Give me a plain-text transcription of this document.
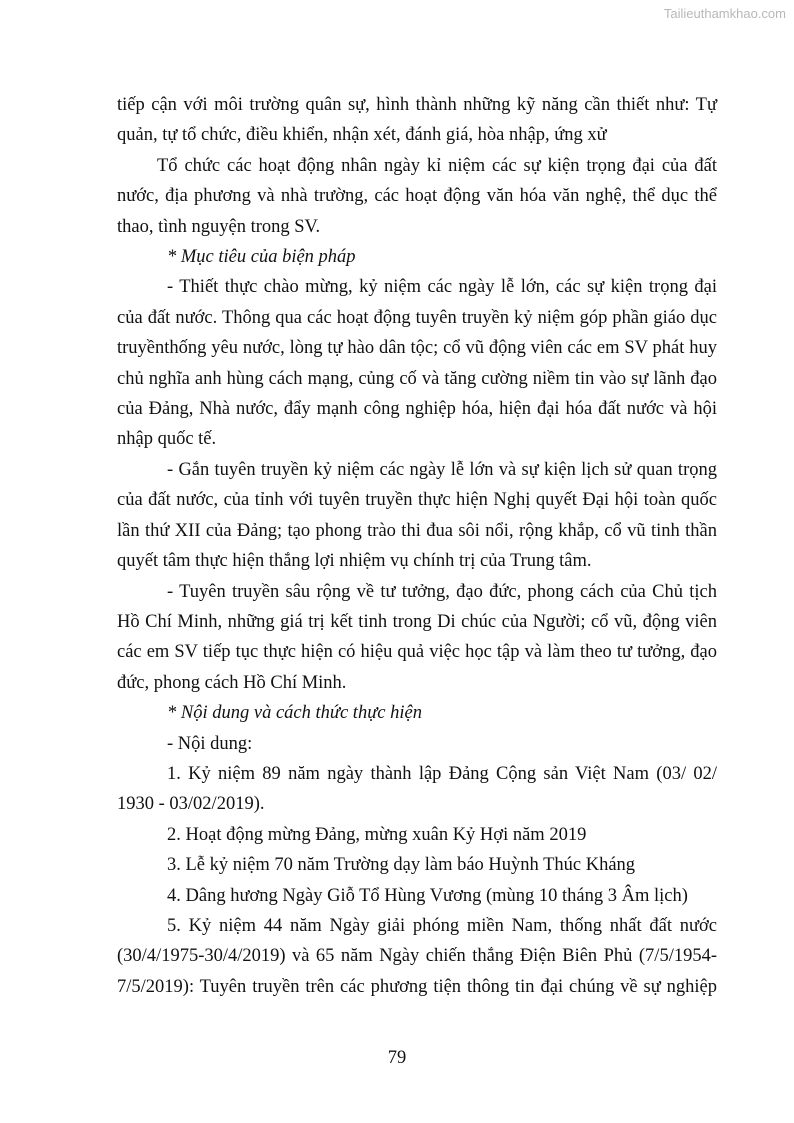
Tailieuthamkhao.com

tiếp cận với môi trường quân sự, hình thành những kỹ năng cần thiết như: Tự quản, tự tổ chức, điều khiển, nhận xét, đánh giá, hòa nhập, ứng xử

Tổ chức các hoạt động nhân ngày kỉ niệm các sự kiện trọng đại của đất nước, địa phương và nhà trường, các hoạt động văn hóa văn nghệ, thể dục thể thao, tình nguyện trong SV.

* Mục tiêu của biện pháp

- Thiết thực chào mừng, kỷ niệm các ngày lễ lớn, các sự kiện trọng đại của đất nước. Thông qua các hoạt động tuyên truyền kỷ niệm góp phần giáo dục truyềnthống yêu nước, lòng tự hào dân tộc; cổ vũ động viên các em SV phát huy chủ nghĩa anh hùng cách mạng, củng cố và tăng cường niềm tin vào sự lãnh đạo của Đảng, Nhà nước, đẩy mạnh công nghiệp hóa, hiện đại hóa đất nước và hội nhập quốc tế.

- Gắn tuyên truyền kỷ niệm các ngày lễ lớn và sự kiện lịch sử quan trọng của đất nước, của tỉnh với tuyên truyền thực hiện Nghị quyết Đại hội toàn quốc lần thứ XII của Đảng; tạo phong trào thi đua sôi nổi, rộng khắp, cổ vũ tinh thần quyết tâm thực hiện thắng lợi nhiệm vụ chính trị của Trung tâm.

- Tuyên truyền sâu rộng về tư tưởng, đạo đức, phong cách của Chủ tịch Hồ Chí Minh, những giá trị kết tinh trong Di chúc của Người; cổ vũ, động viên các em SV tiếp tục thực hiện có hiệu quả việc học tập và làm theo tư tưởng, đạo đức, phong cách Hồ Chí Minh.

* Nội dung và cách thức thực hiện

- Nội dung:

1. Kỷ niệm 89 năm ngày thành lập Đảng Cộng sản Việt Nam (03/ 02/ 1930 - 03/02/2019).

2. Hoạt động mừng Đảng, mừng xuân Kỷ Hợi năm 2019

3. Lễ kỷ niệm 70 năm Trường dạy làm báo Huỳnh Thúc Kháng

4. Dâng hương Ngày Giỗ Tổ Hùng Vương (mùng 10 tháng 3 Âm lịch)

5. Kỷ niệm 44 năm Ngày giải phóng miền Nam, thống nhất đất nước (30/4/1975-30/4/2019) và 65 năm Ngày chiến thắng Điện Biên Phủ (7/5/1954-7/5/2019): Tuyên truyền trên các phương tiện thông tin đại chúng về sự nghiệp

79
